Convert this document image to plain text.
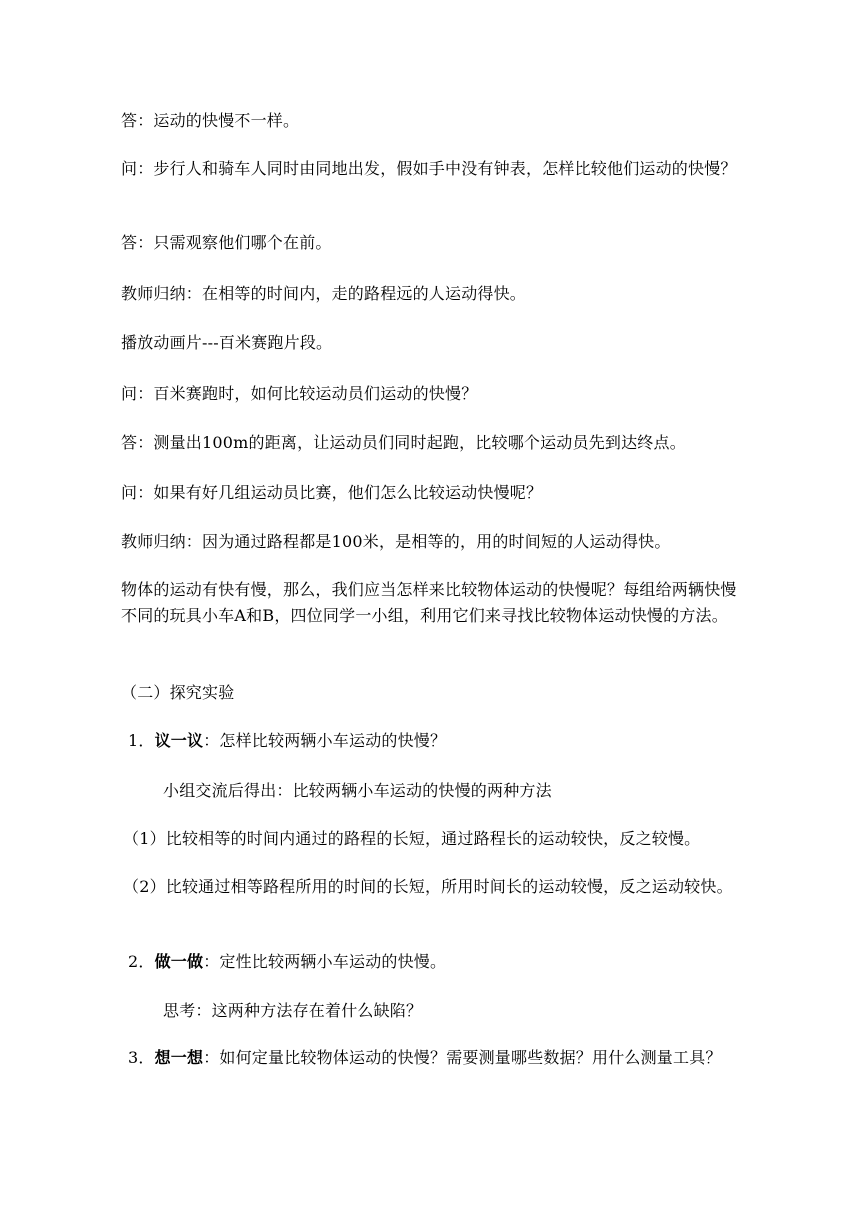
答：运动的快慢不一样。

问：步行人和骑车人同时由同地出发，假如手中没有钟表，怎样比较他们运动的快慢？

答：只需观察他们哪个在前。

教师归纳：在相等的时间内，走的路程远的人运动得快。

播放动画片---百米赛跑片段。

问：百米赛跑时，如何比较运动员们运动的快慢？

答：测量出100m的距离，让运动员们同时起跑，比较哪个运动员先到达终点。

问：如果有好几组运动员比赛，他们怎么比较运动快慢呢？

教师归纳：因为通过路程都是100米，是相等的，用的时间短的人运动得快。

物体的运动有快有慢，那么，我们应当怎样来比较物体运动的快慢呢？每组给两辆快慢不同的玩具小车A和B，四位同学一小组，利用它们来寻找比较物体运动快慢的方法。

（二）探究实验

1．议一议：怎样比较两辆小车运动的快慢？

小组交流后得出：比较两辆小车运动的快慢的两种方法

（1）比较相等的时间内通过的路程的长短，通过路程长的运动较快，反之较慢。

（2）比较通过相等路程所用的时间的长短，所用时间长的运动较慢，反之运动较快。

2．做一做：定性比较两辆小车运动的快慢。

思考：这两种方法存在着什么缺陷？

3．想一想：如何定量比较物体运动的快慢？需要测量哪些数据？用什么测量工具？
